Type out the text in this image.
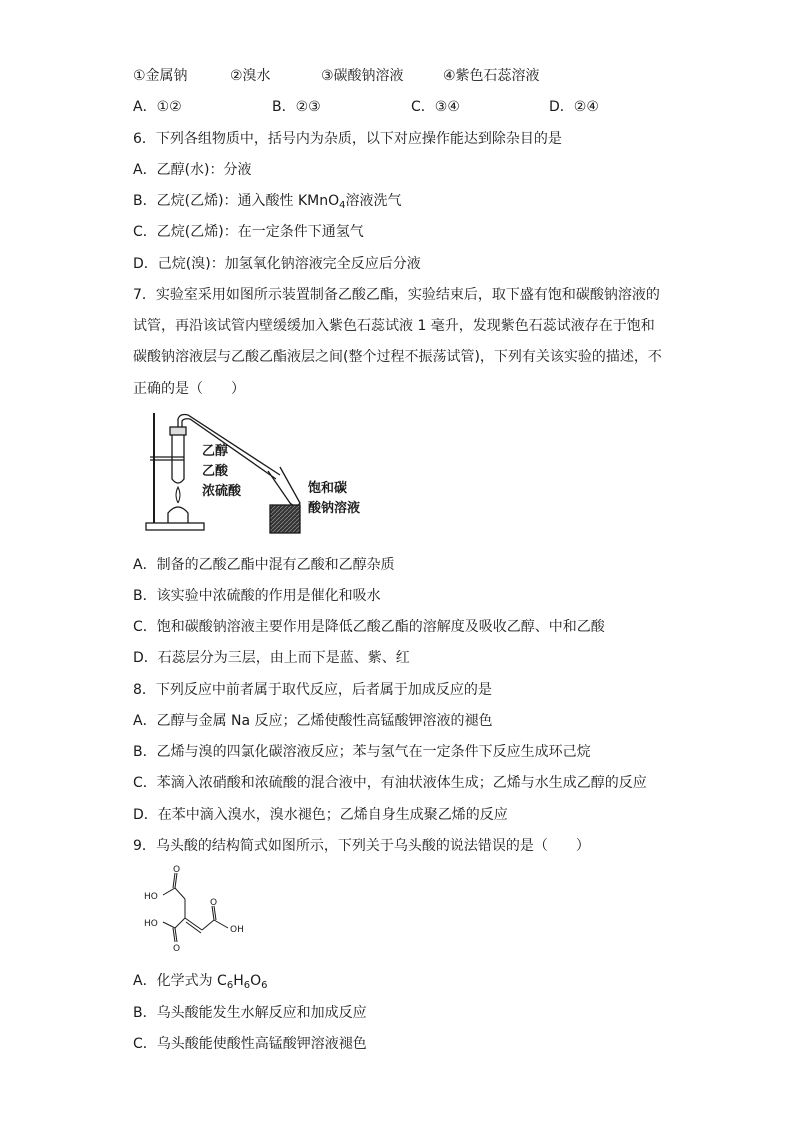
①金属钠	②溴水	③碳酸钠溶液	④紫色石蕊溶液
A．①②	B．②③	C．③④	D．②④
6．下列各组物质中，括号内为杂质，以下对应操作能达到除杂目的是
A．乙醇(水)：分液
B．乙烷(乙烯)：通入酸性 KMnO$_4$溶液洗气
C．乙烷(乙烯)：在一定条件下通氢气
D．己烷(溴)：加氢氧化钠溶液完全反应后分液
7．实验室采用如图所示装置制备乙酸乙酯，实验结束后，取下盛有饱和碳酸钠溶液的
试管，再沿该试管内壁缓缓加入紫色石蕊试液 1 毫升，发现紫色石蕊试液存在于饱和
碳酸钠溶液层与乙酸乙酯液层之间(整个过程不振荡试管)，下列有关该实验的描述，不
正确的是（　　）
乙醇
乙酸
浓硫酸	饱和碳
酸钠溶液
A．制备的乙酸乙酯中混有乙酸和乙醇杂质
B．该实验中浓硫酸的作用是催化和吸水
C．饱和碳酸钠溶液主要作用是降低乙酸乙酯的溶解度及吸收乙醇、中和乙酸
D．石蕊层分为三层，由上而下是蓝、紫、红
8．下列反应中前者属于取代反应，后者属于加成反应的是
A．乙醇与金属 Na 反应；乙烯使酸性高锰酸钾溶液的褪色
B．乙烯与溴的四氯化碳溶液反应；苯与氢气在一定条件下反应生成环己烷
C．苯滴入浓硝酸和浓硫酸的混合液中，有油状液体生成；乙烯与水生成乙醇的反应
D．在苯中滴入溴水，溴水褪色；乙烯自身生成聚乙烯的反应
9．乌头酸的结构简式如图所示，下列关于乌头酸的说法错误的是（　　）
O
HO
O
HO
OH
O
A．化学式为 $C_6H_6O_6$
B．乌头酸能发生水解反应和加成反应
C．乌头酸能使酸性高锰酸钾溶液褪色
